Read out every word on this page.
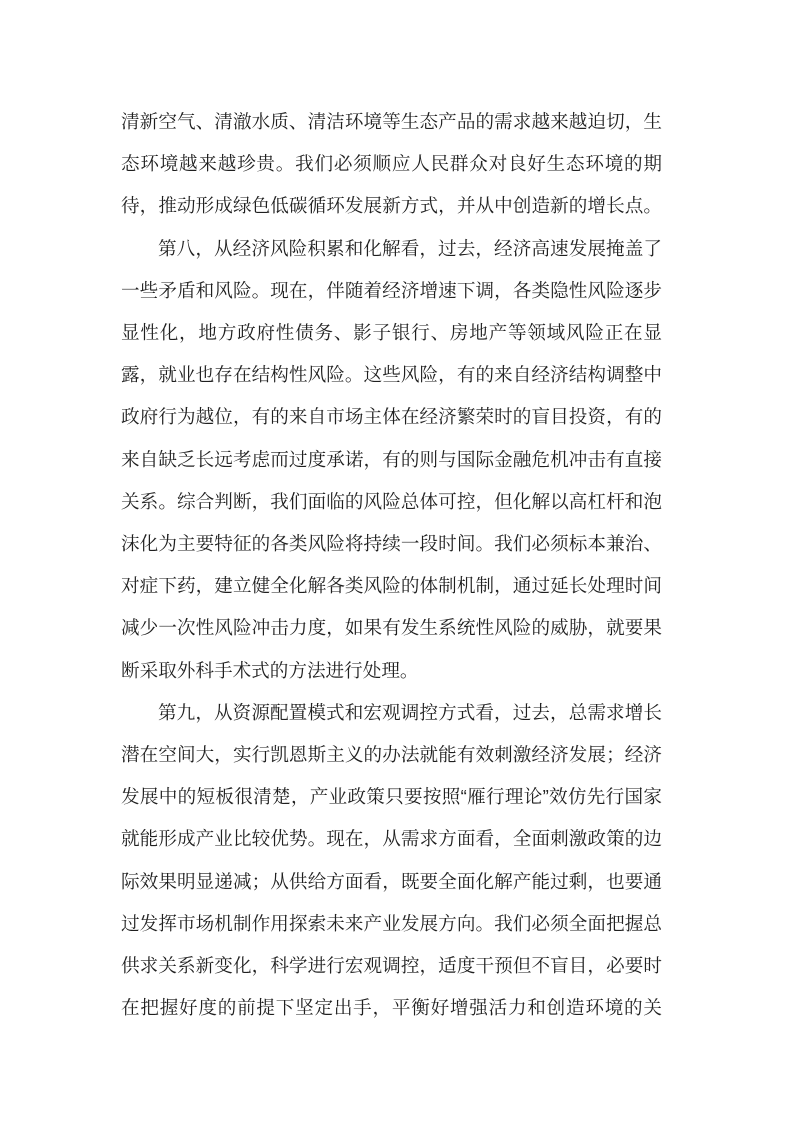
清新空气、清澈水质、清洁环境等生态产品的需求越来越迫切，生
态环境越来越珍贵。我们必须顺应人民群众对良好生态环境的期
待，推动形成绿色低碳循环发展新方式，并从中创造新的增长点。
第八，从经济风险积累和化解看，过去，经济高速发展掩盖了
一些矛盾和风险。现在，伴随着经济增速下调，各类隐性风险逐步
显性化，地方政府性债务、影子银行、房地产等领域风险正在显
露，就业也存在结构性风险。这些风险，有的来自经济结构调整中
政府行为越位，有的来自市场主体在经济繁荣时的盲目投资，有的
来自缺乏长远考虑而过度承诺，有的则与国际金融危机冲击有直接
关系。综合判断，我们面临的风险总体可控，但化解以高杠杆和泡
沫化为主要特征的各类风险将持续一段时间。我们必须标本兼治、
对症下药，建立健全化解各类风险的体制机制，通过延长处理时间
减少一次性风险冲击力度，如果有发生系统性风险的威胁，就要果
断采取外科手术式的方法进行处理。
第九，从资源配置模式和宏观调控方式看，过去，总需求增长
潜在空间大，实行凯恩斯主义的办法就能有效刺激经济发展；经济
发展中的短板很清楚，产业政策只要按照“雁行理论”效仿先行国家
就能形成产业比较优势。现在，从需求方面看，全面刺激政策的边
际效果明显递减；从供给方面看，既要全面化解产能过剩，也要通
过发挥市场机制作用探索未来产业发展方向。我们必须全面把握总
供求关系新变化，科学进行宏观调控，适度干预但不盲目，必要时
在把握好度的前提下坚定出手，平衡好增强活力和创造环境的关
